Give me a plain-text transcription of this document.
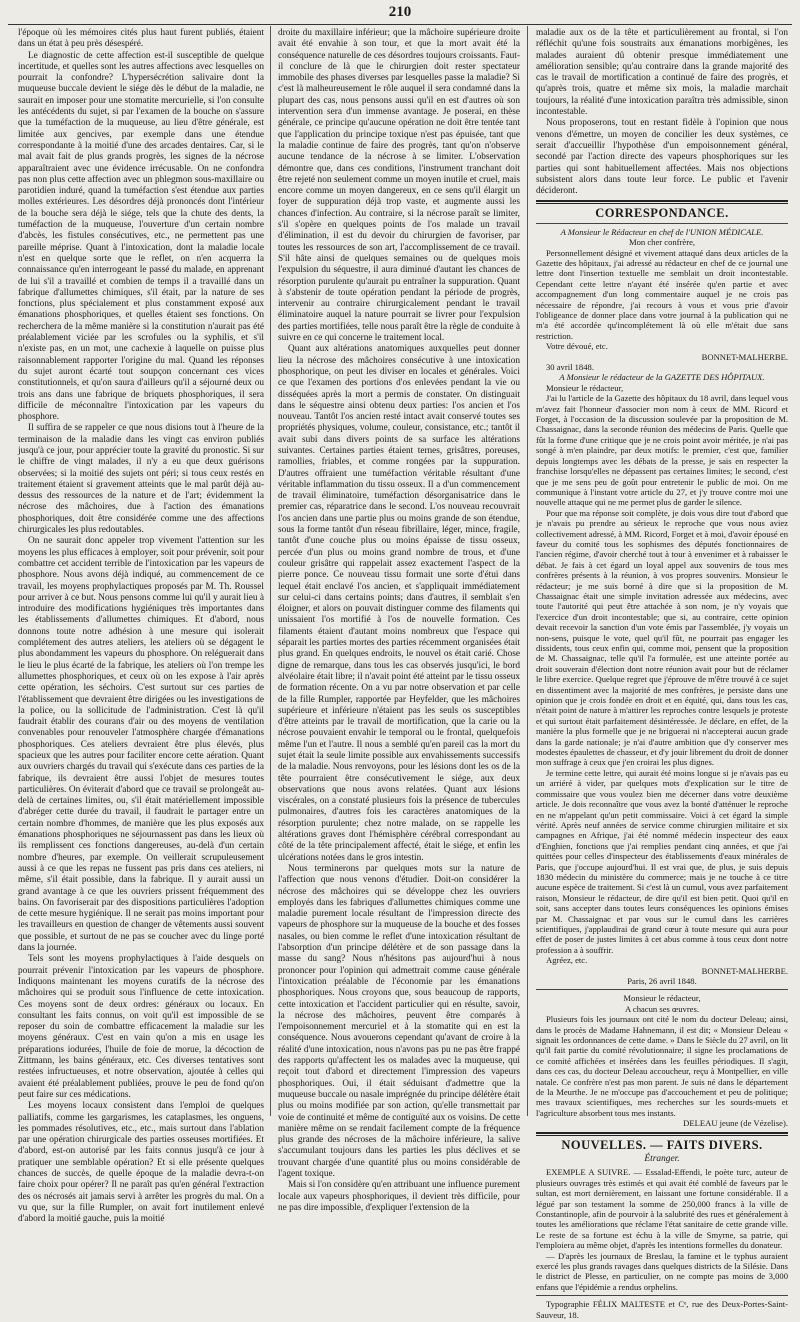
210

l'époque où les mémoires cités plus haut furent publiés, étaient dans un état à peu près désespéré.

Le diagnostic de cette affection est-il susceptible de quelque incertitude, et quelles sont les autres affections avec lesquelles on pourrait la confondre? L'hypersécrétion salivaire dont la muqueuse buccale devient le siége dès le début de la maladie, ne saurait en imposer pour une stomatite mercurielle, si l'on consulte les antécédents du sujet, si par l'examen de la bouche on s'assure que la tuméfaction de la muqueuse, au lieu d'être générale, est limitée aux gencives, par exemple dans une étendue correspondante à la moitié d'une des arcades dentaires. Car, si le mal avait fait de plus grands progrès, les signes de la nécrose apparaîtraient avec une évidence irrécusable. On ne confondra pas non plus cette affection avec un phlegmon sous-maxillaire ou parotidien induré, quand la tuméfaction s'est étendue aux parties molles extérieures. Les désordres déjà prononcés dont l'intérieur de la bouche sera déjà le siége, tels que la chute des dents, la tuméfaction de la muqueuse, l'ouverture d'un certain nombre d'abcès, les fistules consécutives, etc., ne permettent pas une pareille méprise. Quant à l'intoxication, dont la maladie locale n'est en quelque sorte que le reflet, on n'en acquerra la connaissance qu'en interrogeant le passé du malade, en apprenant de lui s'il a travaillé et combien de temps il a travaillé dans un fabrique d'allumettes chimiques, s'il était, par la nature de ses fonctions, plus spécialement et plus constamment exposé aux émanations phosphoriques, et quelles étaient ses fonctions. On recherchera de la même manière si la constitution n'aurait pas été préalablement viciée par les scrofules ou la syphilis, et s'il n'existe pas, en un mot, une cachexie à laquelle on puisse plus raisonnablement rapporter l'origine du mal. Quand les réponses du sujet auront écarté tout soupçon concernant ces vices constitutionnels, et qu'on saura d'ailleurs qu'il a séjourné deux ou trois ans dans une fabrique de briquets phosphoriques, il sera difficile de méconnaître l'intoxication par les vapeurs du phosphore.

Il suffira de se rappeler ce que nous disions tout à l'heure de la terminaison de la maladie dans les vingt cas environ publiés jusqu'à ce jour, pour apprécier toute la gravité du pronostic. Si sur le chiffre de vingt malades, il n'y a eu que deux guérisons observées; si la moitié des sujets ont péri; si tous ceux restés en traitement étaient si gravement atteints que le mal parût déjà au-dessus des ressources de la nature et de l'art; évidemment la nécrose des mâchoires, due à l'action des émanations phosphoriques, doit être considérée comme une des affections chirurgicales les plus redoutables.

On ne saurait donc appeler trop vivement l'attention sur les moyens les plus efficaces à employer, soit pour prévenir, soit pour combattre cet accident terrible de l'intoxication par les vapeurs de phosphore. Nous avons déjà indiqué, au commencement de ce travail, les moyens prophylactiques proposés par M. Th. Roussel pour arriver à ce but. Nous pensons comme lui qu'il y aurait lieu à introduire des modifications hygiéniques très importantes dans les établissements d'allumettes chimiques. Et d'abord, nous donnons toute notre adhésion à une mesure qui isolerait complétement des autres ateliers, les ateliers où se dégagent le plus abondamment les vapeurs du phosphore. On reléguerait dans le lieu le plus écarté de la fabrique, les ateliers où l'on trempe les allumettes phosphoriques, et ceux où on les expose à l'air après cette opération, les séchoirs. C'est surtout sur ces parties de l'établissement que devraient être dirigées ou les investigations de la police, ou la sollicitude de l'administration. C'est là qu'il faudrait établir des courans d'air ou des moyens de ventilation convenables pour renouveler l'atmosphère chargée d'émanations phosphoriques. Ces ateliers devraient être plus élevés, plus spacieux que les autres pour faciliter encore cette aération. Quant aux ouvriers chargés du travail qui s'exécute dans ces parties de la fabrique, ils devraient être aussi l'objet de mesures toutes particulières. On éviterait d'abord que ce travail se prolongeât au-delà de certaines limites, ou, s'il était matériellement impossible d'abréger cette durée du travail, il faudrait le partager entre un certain nombre d'hommes, de manière que les plus exposés aux émanations phosphoriques ne séjournassent pas dans les lieux où ils remplissent ces fonctions dangereuses, au-delà d'un certain nombre d'heures, par exemple. On veillerait scrupuleusement aussi à ce que les repas ne fussent pas pris dans ces ateliers, ni même, s'il était possible, dans la fabrique. Il y aurait aussi un grand avantage à ce que les ouvriers prissent fréquemment des bains. On favoriserait par des dispositions particulières l'adoption de cette mesure hygiénique. Il ne serait pas moins important pour les travailleurs en question de changer de vêtements aussi souvent que possible, et surtout de ne pas se coucher avec du linge porté dans la journée.

Tels sont les moyens prophylactiques à l'aide desquels on pourrait prévenir l'intoxication par les vapeurs de phosphore. Indiquons maintenant les moyens curatifs de la nécrose des mâchoires qui se produit sous l'influence de cette intoxication. Ces moyens sont de deux ordres: généraux ou locaux. En consultant les faits connus, on voit qu'il est impossible de se reposer du soin de combattre efficacement la maladie sur les moyens généraux. C'est en vain qu'on a mis en usage les préparations iodurées, l'huile de foie de morue, la décoction de Zittmann, les bains généraux, etc. Ces diverses tentatives sont restées infructueuses, et notre observation, ajoutée à celles qui avaient été préalablement publiées, prouve le peu de fond qu'on peut faire sur ces médications.

Les moyens locaux consistent dans l'emploi de quelques palliatifs, comme les gargarismes, les cataplasmes, les onguens, les pommades résolutives, etc., etc., mais surtout dans l'ablation par une opération chirurgicale des parties osseuses mortifiées. Et d'abord, est-on autorisé par les faits connus jusqu'à ce jour à pratiquer une semblable opération? Et si elle présente quelques chances de succès, de quelle époque de la maladie devra-t-on faire choix pour opérer? Il ne paraît pas qu'en général l'extraction des os nécrosés ait jamais servi à arrêter les progrès du mal. On a vu que, sur la fille Rumpler, on avait fort inutilement enlevé d'abord la moitié gauche, puis la moitié

droite du maxillaire inférieur; que la mâchoire supérieure droite avait été envahie à son tour, et que la mort avait été la conséquence naturelle de ces désordres toujours croissants. Faut-il conclure de là que le chirurgien doit rester spectateur immobile des phases diverses par lesquelles passe la maladie? Si c'est là malheureusement le rôle auquel il sera condamné dans la plupart des cas, nous pensons aussi qu'il en est d'autres où son intervention sera d'un immense avantage. Je poserai, en thèse générale, ce principe qu'aucune opération ne doit être tentée tant que l'application du principe toxique n'est pas épuisée, tant que la maladie continue de faire des progrès, tant qu'on n'observe aucune tendance de la nécrose à se limiter. L'observation démontre que, dans ces conditions, l'instrument tranchant doit être rejeté non seulement comme un moyen inutile et cruel, mais encore comme un moyen dangereux, en ce sens qu'il élargit un foyer de suppuration déjà trop vaste, et augmente aussi les chances d'infection. Au contraire, si la nécrose paraît se limiter, s'il s'opère en quelques points de l'os malade un travail d'élimination, il est du devoir du chirurgien de favoriser, par toutes les ressources de son art, l'accomplissement de ce travail. S'il hâte ainsi de quelques semaines ou de quelques mois l'expulsion du séquestre, il aura diminué d'autant les chances de résorption purulente qu'aurait pu entraîner la suppuration. Quant à s'abstenir de toute opération pendant la période de progrès, intervenir au contraire chirurgicalement pendant le travail éliminatoire auquel la nature pourrait se livrer pour l'expulsion des parties mortifiées, telle nous paraît être la règle de conduite à suivre en ce qui concerne le traitement local.

Quant aux altérations anatomiques auxquelles peut donner lieu la nécrose des mâchoires consécutive à une intoxication phosphorique, on peut les diviser en locales et générales. Voici ce que l'examen des portions d'os enlevées pendant la vie ou disséquées après la mort a permis de constater. On distinguait dans le séquestre ainsi obtenu deux parties: l'os ancien et l'os nouveau. Tantôt l'os ancien resté intact avait conservé toutes ses propriétés physiques, volume, couleur, consistance, etc.; tantôt il avait subi dans divers points de sa surface les altérations suivantes. Certaines parties étaient ternes, grisâtres, poreuses, ramollies, friables, et comme rongées par la suppuration. D'autres offraient une tuméfaction véritable résultant d'une véritable inflammation du tissu osseux. Il a d'un commencement de travail éliminatoire, tuméfaction désorganisatrice dans le premier cas, réparatrice dans le second. L'os nouveau recouvrait l'os ancien dans une partie plus ou moins grande de son étendue, sous la forme tantôt d'un réseau fibrillaire, léger, mince, fragile, tantôt d'une couche plus ou moins épaisse de tissu osseux, percée d'un plus ou moins grand nombre de trous, et d'une couleur grisâtre qui rappelait assez exactement l'aspect de la pierre ponce. Ce nouveau tissu formait une sorte d'étui dans lequel était enclavé l'os ancien, et s'appliquait immédiatement sur celui-ci dans certains points; dans d'autres, il semblait s'en éloigner, et alors on pouvait distinguer comme des filaments qui unissaient l'os mortifié à l'os de nouvelle formation. Ces filaments étaient d'autant moins nombreux que l'espace qui séparait les parties mortes des parties récemment organisées était plus grand. En quelques endroits, le nouvel os était carié. Chose digne de remarque, dans tous les cas observés jusqu'ici, le bord alvéolaire était libre; il n'avait point été atteint par le tissu osseux de formation récente. On a vu par notre observation et par celle de la fille Rumpler, rapportée par Heyfelder, que les mâchoires supérieure et inférieure n'étaient pas les seuls os susceptibles d'être atteints par le travail de mortification, que la carie ou la nécrose pouvaient envahir le temporal ou le frontal, quelquefois même l'un et l'autre. Il nous a semblé qu'en pareil cas la mort du sujet était la seule limite possible aux envahissements successifs de la maladie. Nous renvoyons, pour les lésions dont les os de la tête pourraient être consécutivement le siége, aux deux observations que nous avons relatées. Quant aux lésions viscérales, on a constaté plusieurs fois la présence de tubercules pulmonaires, d'autres fois les caractères anatomiques de la résorption purulente; chez notre malade, on se rappelle les altérations graves dont l'hémisphère cérébral correspondant au côté de la tête principalement affecté, était le siége, et enfin les ulcérations notées dans le gros intestin.

Nous terminerons par quelques mots sur la nature de l'affection que nous venons d'étudier. Doit-on considérer la nécrose des mâchoires qui se développe chez les ouvriers employés dans les fabriques d'allumettes chimiques comme une maladie purement locale résultant de l'impression directe des vapeurs de phosphore sur la muqueuse de la bouche et des fosses nasales, ou bien comme le reflet d'une intoxication résultant de l'absorption d'un principe délétère et de son passage dans la masse du sang? Nous n'hésitons pas aujourd'hui à nous prononcer pour l'opinion qui admettrait comme cause générale l'intoxication préalable de l'économie par les émanations phosphoriques. Nous croyons que, sous beaucoup de rapports, cette intoxication et l'accident particulier qui en résulte, savoir, la nécrose des mâchoires, peuvent être comparés à l'empoisonnement mercuriel et à la stomatite qui en est la conséquence. Nous avouerons cependant qu'avant de croire à la réalité d'une intoxication, nous n'avons pas pu ne pas être frappé des rapports qu'affectent les os malades avec la muqueuse, qui reçoit tout d'abord et directement l'impression des vapeurs phosphoriques. Oui, il était séduisant d'admettre que la muqueuse buccale ou nasale imprégnée du principe délétère était plus ou moins modifiée par son action, qu'elle transmettait par voie de continuité et même de contiguïté aux os voisins. De cette manière même on se rendait facilement compte de la fréquence plus grande des nécroses de la mâchoire inférieure, la salive s'accumulant toujours dans les parties les plus déclives et se trouvant chargée d'une quantité plus ou moins considérable de l'agent toxique.

Mais si l'on considère qu'en attribuant une influence purement locale aux vapeurs phosphoriques, il devient très difficile, pour ne pas dire impossible, d'expliquer l'extension de la

maladie aux os de la tête et particulièrement au frontal, si l'on réfléchit qu'une fois soustraits aux émanations morbigènes, les malades auraient dû obtenir presque immédiatement une amélioration sensible; qu'au contraire dans la grande majorité des cas le travail de mortification a continué de faire des progrès, et qu'après trois, quatre et même six mois, la maladie marchait toujours, la réalité d'une intoxication paraîtra très admissible, sinon incontestable.

Nous proposerons, tout en restant fidèle à l'opinion que nous venons d'émettre, un moyen de concilier les deux systèmes, ce serait d'accueillir l'hypothèse d'un empoisonnement général, secondé par l'action directe des vapeurs phosphoriques sur les parties qui sont habituellement affectées. Mais nos objections subsistent alors dans toute leur force. Le public et l'avenir décideront.

CORRESPONDANCE.

A Monsieur le Rédacteur en chef de l'UNION MÉDICALE.

Mon cher confrère,

Personnellement désigné et vivement attaqué dans deux articles de la Gazette des hôpitaux, j'ai adressé au rédacteur en chef de ce journal une lettre dont l'insertion textuelle me semblait un droit incontestable. Cependant cette lettre n'ayant été insérée qu'en partie et avec accompagnement d'un long commentaire auquel je ne crois pas nécessaire de répondre, j'ai recours à vous et vous prie d'avoir l'obligeance de donner place dans votre journal à la publication qui ne m'a été accordée qu'incomplétement là où elle m'était due sans restriction.

Votre dévoué, etc.

BONNET-MALHERBE.

30 avril 1848.

A Monsieur le rédacteur de la GAZETTE DES HÔPITAUX.

Monsieur le rédacteur,

J'ai lu l'article de la Gazette des hôpitaux du 18 avril, dans lequel vous m'avez fait l'honneur d'associer mon nom à ceux de MM. Ricord et Forget, à l'occasion de la discussion soulevée par la proposition de M. Chassaignac, dans la seconde réunion des médecins de Paris. Quelle que fût la forme d'une critique que je ne crois point avoir méritée, je n'ai pas songé à m'en plaindre, par deux motifs: le premier, c'est que, familier depuis longtemps avec les débats de la presse, je sais en respecter la franchise lorsqu'elles ne dépassent pas certaines limites; le second, c'est que je me sens peu de goût pour entretenir le public de moi. On me communique à l'instant votre article du 27, et j'y trouve contre moi une nouvelle attaque qui ne me permet plus de garder le silence.

Pour que ma réponse soit complète, je dois vous dire tout d'abord que je n'avais pu prendre au sérieux le reproche que vous nous aviez collectivement adressé, à MM. Ricord, Forget et à moi, d'avoir épousé en faveur du comité tous les sophismes des députés fonctionnaires de l'ancien régime, d'avoir cherché tout à tour à envenimer et à rabaisser le débat. Je fais à cet égard un loyal appel aux souvenirs de tous mes confrères présents à la réunion, à vos propres souvenirs. Monsieur le rédacteur; je me suis borné à dire que si la proposition de M. Chassaignac était une simple invitation adressée aux médecins, avec toute l'autorité qui peut être attachée à son nom, je n'y voyais que l'exercice d'un droit incontestable; que si, au contraire, cette opinion devait recevoir la sanction d'un vote émis par l'assemblée, j'y voyais un non-sens, puisque le vote, quel qu'il fût, ne pourrait pas engager les dissidents, tous ceux enfin qui, comme moi, pensent que la proposition de M. Chassaignac, telle qu'il l'a formulée, est une atteinte portée au droit souverain d'élection dont notre réunion avait pour but de réclamer le libre exercice. Quelque regret que j'éprouve de m'être trouvé à ce sujet en dissentiment avec la majorité de mes confrères, je persiste dans une opinion que je crois fondée en droit et en équité, qui, dans tous les cas, n'était point de nature à m'attirer les reproches contre lesquels je proteste et qui surtout était parfaitement désintéressée. Je déclare, en effet, de la manière la plus formelle que je ne briguerai ni n'accepterai aucun grade dans la garde nationale; je n'ai d'autre ambition que d'y conserver mes modestes épaulettes de chasseur, et d'y jouir librement du droit de donner mon suffrage à ceux que j'en croirai les plus dignes.

Je termine cette lettre, qui aurait été moins longue si je n'avais pas eu un arriéré à vider, par quelques mots d'explication sur le titre de commissaire que vous voulez bien me décerner dans votre deuxième article. Je dois reconnaître que vous avez la bonté d'atténuer le reproche en ne m'appelant qu'un petit commissaire. Voici à cet égard la simple vérité. Après neuf années de service comme chirurgien militaire et six campagnes en Afrique, j'ai été nommé médecin inspecteur des eaux d'Enghien, fonctions que j'ai remplies pendant cinq années, et que j'ai quittées pour celles d'inspecteur des établissements d'eaux minérales de Paris, que j'occupe aujourd'hui. Il est vrai que, de plus, je suis depuis 1830 médecin du ministère du commerce; mais je ne touche à ce titre aucune espèce de traitement. Si c'est là un cumul, vous avez parfaitement raison, Monsieur le rédacteur, de dire qu'il est bien petit. Quoi qu'il en soit, sans accepter dans toutes leurs conséquences les opinions émises par M. Chassaignac et par vous sur le cumul dans les carrières scientifiques, j'applaudirai de grand cœur à toute mesure qui aura pour effet de poser de justes limites à cet abus comme à tous ceux dont notre profession a à souffrir.

Agréez, etc.

BONNET-MALHERBE.

Paris, 26 avril 1848.

Monsieur le rédacteur,

A chacun ses œuvres.

Plusieurs fois les journaux ont cité le nom du docteur Deleau; ainsi, dans le procès de Madame Hahnemann, il est dit; « Monsieur Deleau « signait les ordonnances de cette dame. » Dans le Siècle du 27 avril, on lit qu'il fait partie du comité révolutionnaire; il signe les proclamations de ce comité affichées et insérées dans les feuilles périodiques. Il s'agit, dans ces cas, du docteur Deleau accoucheur, reçu à Montpellier, en ville natale. Ce confrère n'est pas mon parent. Je suis né dans le département de la Meurthe. Je ne m'occupe pas d'accouchement et peu de politique; mes travaux scientifiques, mes recherches sur les sourds-muets et l'agriculture absorbent tous mes instants.

DELEAU jeune (de Vézelise).

NOUVELLES. — FAITS DIVERS.
Étranger.

EXEMPLE A SUIVRE. — Essalad-Effendi, le poète turc, auteur de plusieurs ouvrages très estimés et qui avait été comblé de faveurs par le sultan, est mort dernièrement, en laissant une fortune considérable. Il a légué par son testament la somme de 250,000 francs à la ville de Constantinople, afin de pourvoir à la salubrité des rues et généralement à toutes les améliorations que réclame l'état sanitaire de cette grande ville. Le reste de sa fortune est échu à la ville de Smyrne, sa patrie, qui l'emploiera au même objet, d'après les intentions formelles du donateur.

— D'après les journaux de Breslau, la famine et le typhus auraient exercé les plus grands ravages dans quelques districts de la Silésie. Dans le district de Plesse, en particulier, on ne compte pas moins de 3,000 enfans que l'épidémie a rendus orphelins.

Typographie FÉLIX MALTESTE et Cᵉ, rue des Deux-Portes-Saint-Sauveur, 18.
